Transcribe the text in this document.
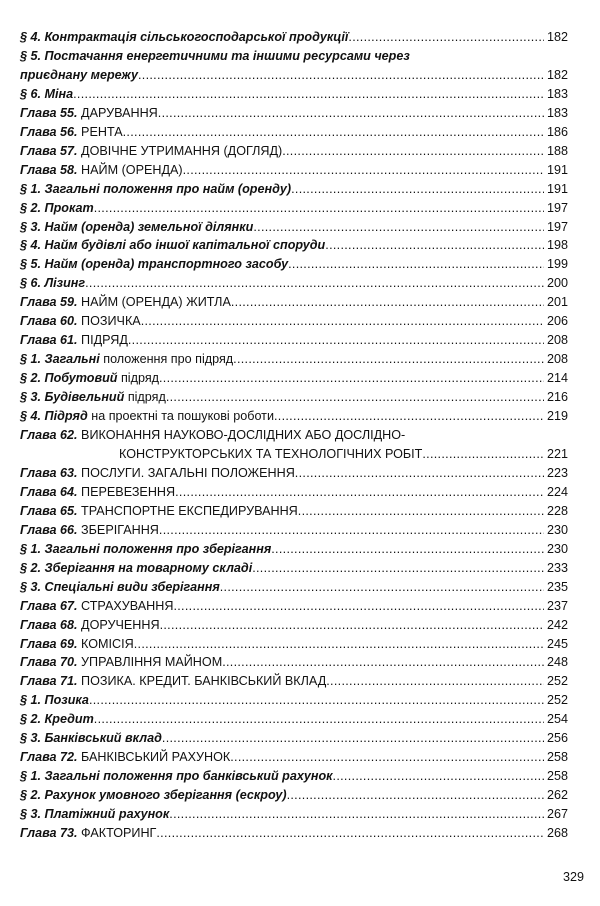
§ 4. Контрактація сільськогосподарської продукції .....	182
§ 5. Постачання енергетичними та іншими ресурсами через
приєднану мережу .....	182
§ 6. Міна .....	183
Глава 55. ДАРУВАННЯ .....	183
Глава 56. РЕНТА .....	186
Глава 57. ДОВІЧНЕ УТРИМАННЯ (ДОГЛЯД) .....	188
Глава 58. НАЙМ (ОРЕНДА) .....	191
§ 1. Загальні положення про найм (оренду) .....	191
§ 2. Прокат .....	197
§ 3. Найм (оренда) земельної ділянки .....	197
§ 4. Найм будівлі або іншої капітальної споруди .....	198
§ 5. Найм (оренда) транспортного засобу .....	199
§ 6. Лізинг .....	200
Глава 59. НАЙМ (ОРЕНДА) ЖИТЛА .....	201
Глава 60. ПОЗИЧКА .....	206
Глава 61. ПІДРЯД .....	208
§ 1. Загальні положення про підряд .....	208
§ 2. Побутовий підряд .....	214
§ 3. Будівельний підряд .....	216
§ 4. Підряд на проектні та пошукові роботи .....	219
Глава 62. ВИКОНАННЯ НАУКОВО-ДОСЛІДНИХ АБО ДОСЛІДНО-
КОНСТРУКТОРСЬКИХ ТА ТЕХНОЛОГІЧНИХ РОБІТ .....	221
Глава 63. ПОСЛУГИ. ЗАГАЛЬНІ ПОЛОЖЕННЯ .....	223
Глава 64. ПЕРЕВЕЗЕННЯ .....	224
Глава 65. ТРАНСПОРТНЕ ЕКСПЕДИРУВАННЯ .....	228
Глава 66. ЗБЕРІГАННЯ .....	230
§ 1. Загальні положення про зберігання .....	230
§ 2. Зберігання на товарному складі .....	233
§ 3. Спеціальні види зберігання .....	235
Глава 67. СТРАХУВАННЯ .....	237
Глава 68. ДОРУЧЕННЯ .....	242
Глава 69. КОМІСІЯ .....	245
Глава 70. УПРАВЛІННЯ МАЙНОМ .....	248
Глава 71. ПОЗИКА. КРЕДИТ. БАНКІВСЬКИЙ ВКЛАД .....	252
§ 1. Позика .....	252
§ 2. Кредит .....	254
§ 3. Банківський вклад .....	256
Глава 72. БАНКІВСЬКИЙ РАХУНОК .....	258
§ 1. Загальні положення про банківський рахунок .....	258
§ 2. Рахунок умовного зберігання (ескроу) .....	262
§ 3. Платіжний рахунок .....	267
Глава 73. ФАКТОРИНГ .....	268
329
